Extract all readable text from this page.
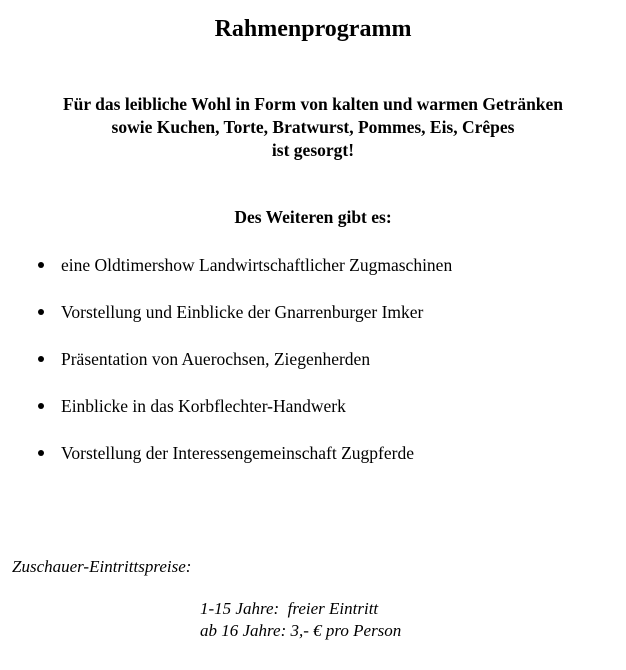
Rahmenprogramm

Für das leibliche Wohl in Form von kalten und warmen Getränken
sowie Kuchen, Torte, Bratwurst, Pommes, Eis, Crêpes
ist gesorgt!

Des Weiteren gibt es:
eine Oldtimershow Landwirtschaftlicher Zugmaschinen
Vorstellung und Einblicke der Gnarrenburger Imker
Präsentation von Auerochsen, Ziegenherden
Einblicke in das Korbflechter-Handwerk
Vorstellung der Interessengemeinschaft Zugpferde

Zuschauer-Eintrittspreise:

1-15 Jahre:  freier Eintritt
ab 16 Jahre: 3,- € pro Person
